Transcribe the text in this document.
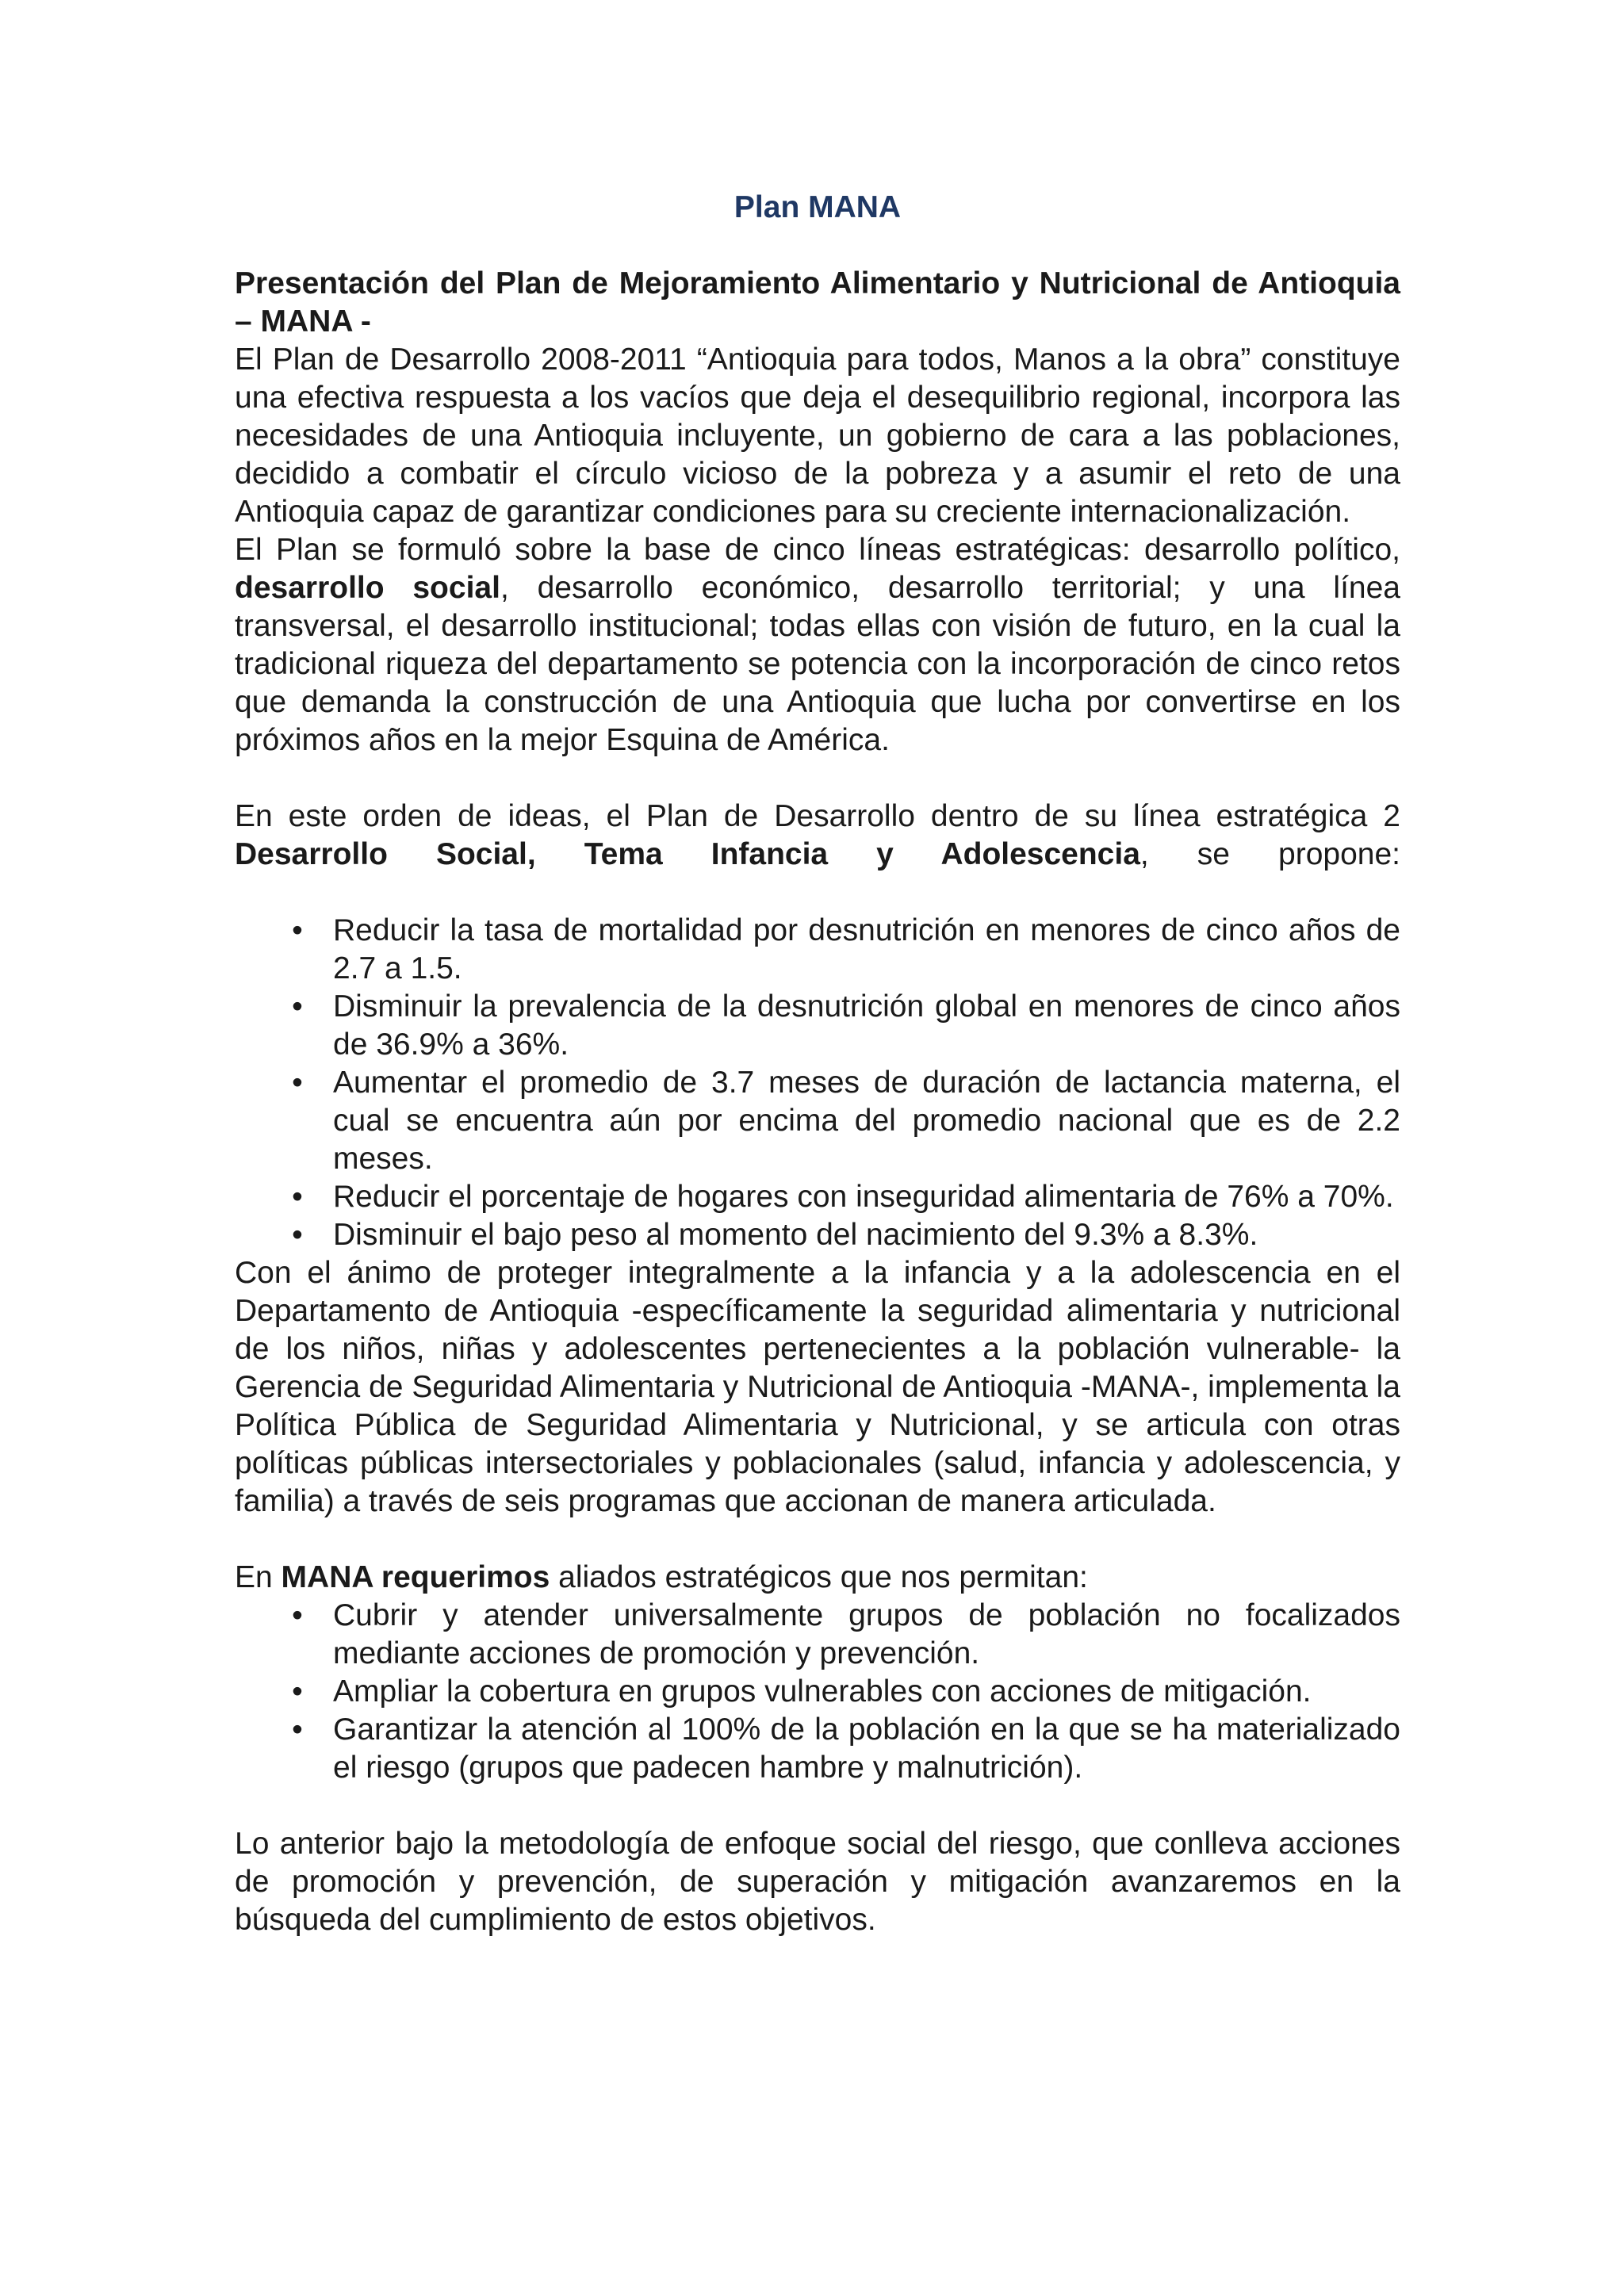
Plan MANA

Presentación del Plan de Mejoramiento Alimentario y Nutricional de Antioquia – MANA -

El Plan de Desarrollo 2008-2011 “Antioquia para todos, Manos a la obra” constituye una efectiva respuesta a los vacíos que deja el desequilibrio regional, incorpora las necesidades de una Antioquia incluyente, un gobierno de cara a las poblaciones, decidido a combatir el círculo vicioso de la pobreza y a asumir el reto de una Antioquia capaz de garantizar condiciones para su creciente internacionalización.

El Plan se formuló sobre la base de cinco líneas estratégicas: desarrollo político, desarrollo social, desarrollo económico, desarrollo territorial; y una línea transversal, el desarrollo institucional; todas ellas con visión de futuro, en la cual la tradicional riqueza del departamento se potencia con la incorporación de cinco retos que demanda la construcción de una Antioquia que lucha por convertirse en los próximos años en la mejor Esquina de América.

En este orden de ideas, el Plan de Desarrollo dentro de su línea estratégica 2 Desarrollo Social, Tema Infancia y Adolescencia, se propone:

• Reducir la tasa de mortalidad por desnutrición en menores de cinco años de 2.7 a 1.5.
• Disminuir la prevalencia de la desnutrición global en menores de cinco años de 36.9% a 36%.
• Aumentar el promedio de 3.7 meses de duración de lactancia materna, el cual se encuentra aún por encima del promedio nacional que es de 2.2 meses.
• Reducir el porcentaje de hogares con inseguridad alimentaria de 76% a 70%.
• Disminuir el bajo peso al momento del nacimiento del 9.3% a 8.3%.

Con el ánimo de proteger integralmente a la infancia y a la adolescencia en el Departamento de Antioquia -específicamente la seguridad alimentaria y nutricional de los niños, niñas y adolescentes pertenecientes a la población vulnerable- la Gerencia de Seguridad Alimentaria y Nutricional de Antioquia -MANA-, implementa la Política Pública de Seguridad Alimentaria y Nutricional, y se articula con otras políticas públicas intersectoriales y poblacionales (salud, infancia y adolescencia, y familia) a través de seis programas que accionan de manera articulada.

En MANA requerimos aliados estratégicos que nos permitan:

• Cubrir y atender universalmente grupos de población no focalizados mediante acciones de promoción y prevención.
• Ampliar la cobertura en grupos vulnerables con acciones de mitigación.
• Garantizar la atención al 100% de la población en la que se ha materializado el riesgo (grupos que padecen hambre y malnutrición).

Lo anterior bajo la metodología de enfoque social del riesgo, que conlleva acciones de promoción y prevención, de superación y mitigación avanzaremos en la búsqueda del cumplimiento de estos objetivos.
